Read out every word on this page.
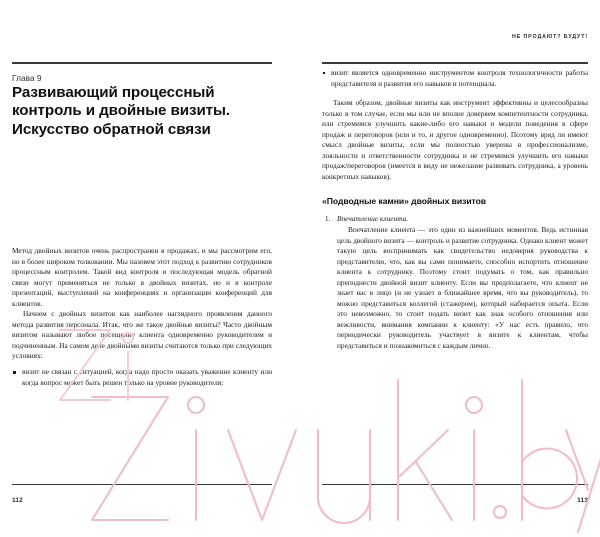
Глава 9
Развивающий процессный контроль и двойные визиты. Искусство обратной связи

Метод двойных визитов очень распространен в продажах, и мы рассмотрим его, но в более широком толковании. Мы назовем этот подход к развитию сотрудников процессным контролем. Такой вид контроля и последующая модель обратной связи могут применяться не только в двойных визитах, но и в контроле презентаций, выступлений на конференциях и организации конференций для клиентов.

Начнем с двойных визитов как наиболее наглядного проявления данного метода развития персонала. Итак, что же такое двойные визиты? Часто двойным визитом называют любое посещение клиента одновременно руководителем и подчиненным. На самом деле двойными визиты считаются только при следующих условиях:

визит не связан с ситуацией, когда надо просто оказать уважение клиенту или когда вопрос может быть решен только на уровне руководителя;
112
НЕ ПРОДАЮТ? БУДУТ!
визит является одновременно инструментом контроля технологичности работы представителя и развития его навыков и потенциала.

Таким образом, двойные визиты как инструмент эффективны и целесообразны только в том случае, если мы или не вполне доверяем компетентности сотрудника, или стремимся улучшить какие-либо его навыки и модели поведения в сфере продаж и переговоров (или и то, и другое одновременно). Поэтому вряд ли имеют смысл двойные визиты, если мы полностью уверены в профессионализме, лояльности и ответственности сотрудника и не стремимся улучшить его навыки продаж/переговоров (имеется в виду не нежелание развивать сотрудника, а уровень конкретных навыков).

«Подводные камни» двойных визитов
Впечатление клиента.
Впечатление клиента — это один из важнейших моментов. Ведь истинная цель двойного визита — контроль и развитие сотрудника. Однако клиент может такую цель воспринимать как свидетельство недоверия руководства к представителю, что, как вы сами понимаете, способно испортить отношение клиента к сотруднику. Поэтому стоит подумать о том, как правильно преподнести двойной визит клиенту. Если вы предполагаете, что клиент не знает вас в лицо (и не узнает в ближайшее время, что вы руководитель), то можно представиться коллегой (стажером), который набирается опыта. Если это невозможно, то стоит подать визит как знак особого отношения или вежливости, внимания компании к клиенту: «У нас есть правило, что периодически руководитель участвует в визите к клиентам, чтобы представиться и познакомиться с каждым лично.
113
